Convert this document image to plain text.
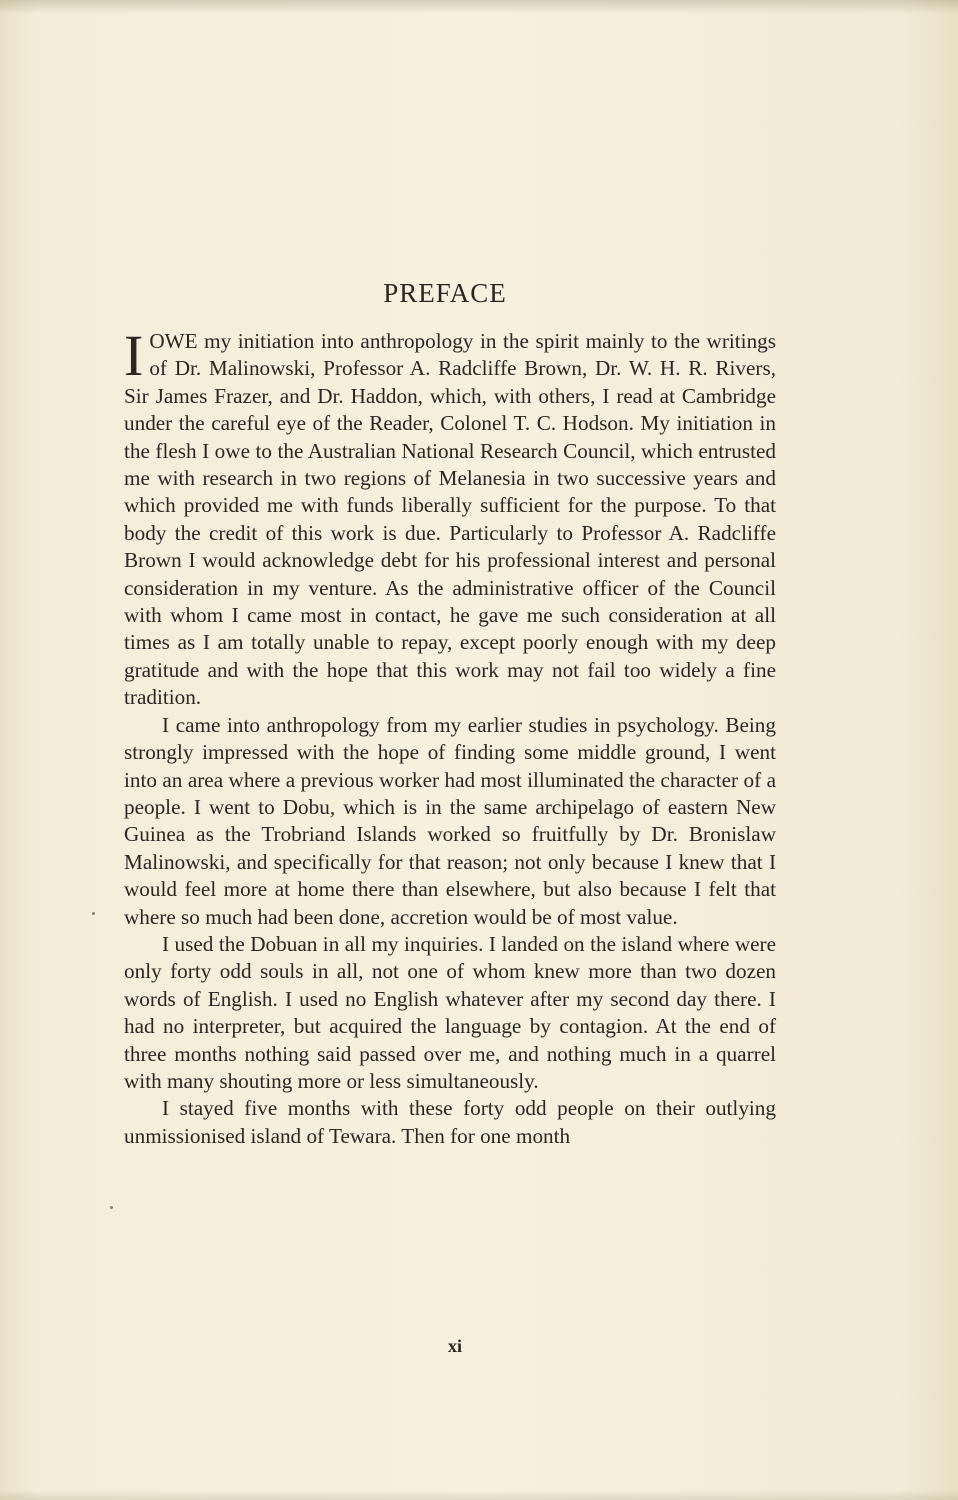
PREFACE

I OWE my initiation into anthropology in the spirit mainly to the writings of Dr. Malinowski, Professor A. Radcliffe Brown, Dr. W. H. R. Rivers, Sir James Frazer, and Dr. Haddon, which, with others, I read at Cambridge under the careful eye of the Reader, Colonel T. C. Hodson. My initiation in the flesh I owe to the Australian National Research Council, which entrusted me with research in two regions of Melanesia in two successive years and which provided me with funds liberally sufficient for the purpose. To that body the credit of this work is due. Particularly to Professor A. Radcliffe Brown I would acknowledge debt for his professional interest and personal consideration in my venture. As the administrative officer of the Council with whom I came most in contact, he gave me such consideration at all times as I am totally unable to repay, except poorly enough with my deep gratitude and with the hope that this work may not fail too widely a fine tradition.

I came into anthropology from my earlier studies in psychology. Being strongly impressed with the hope of finding some middle ground, I went into an area where a previous worker had most illuminated the character of a people. I went to Dobu, which is in the same archipelago of eastern New Guinea as the Trobriand Islands worked so fruitfully by Dr. Bronislaw Malinowski, and specifically for that reason; not only because I knew that I would feel more at home there than elsewhere, but also because I felt that where so much had been done, accretion would be of most value.

I used the Dobuan in all my inquiries. I landed on the island where were only forty odd souls in all, not one of whom knew more than two dozen words of English. I used no English whatever after my second day there. I had no interpreter, but acquired the language by contagion. At the end of three months nothing said passed over me, and nothing much in a quarrel with many shouting more or less simultaneously.

I stayed five months with these forty odd people on their outlying unmissionised island of Tewara. Then for one month

xi
